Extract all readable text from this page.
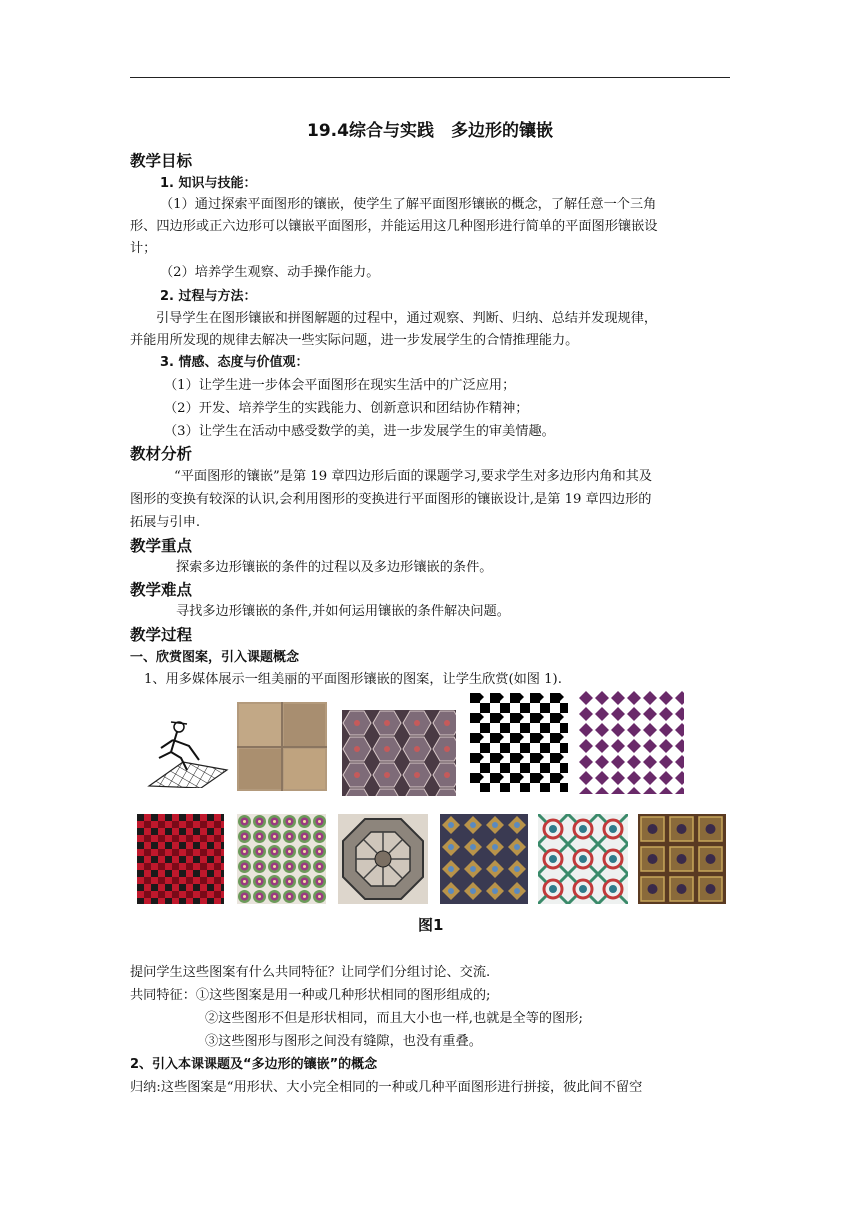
19.4综合与实践　多边形的镶嵌
教学目标
1. 知识与技能：
（1）通过探索平面图形的镶嵌，使学生了解平面图形镶嵌的概念，了解任意一个三角
形、四边形或正六边形可以镶嵌平面图形，并能运用这几种图形进行简单的平面图形镶嵌设
计；
（2）培养学生观察、动手操作能力。
2. 过程与方法：
引导学生在图形镶嵌和拼图解题的过程中，通过观察、判断、归纳、总结并发现规律，
并能用所发现的规律去解决一些实际问题，进一步发展学生的合情推理能力。
3. 情感、态度与价值观：
（1）让学生进一步体会平面图形在现实生活中的广泛应用；
（2）开发、培养学生的实践能力、创新意识和团结协作精神；
（3）让学生在活动中感受数学的美，进一步发展学生的审美情趣。
教材分析
“平面图形的镶嵌”是第 19 章四边形后面的课题学习,要求学生对多边形内角和其及
图形的变换有较深的认识,会利用图形的变换进行平面图形的镶嵌设计,是第 19 章四边形的
拓展与引申.
教学重点
探索多边形镶嵌的条件的过程以及多边形镶嵌的条件。
教学难点
寻找多边形镶嵌的条件,并如何运用镶嵌的条件解决问题。
教学过程
一、欣赏图案，引入课题概念
1、用多媒体展示一组美丽的平面图形镶嵌的图案，让学生欣赏(如图 1).
图1
提问学生这些图案有什么共同特征？让同学们分组讨论、交流.
共同特征：①这些图案是用一种或几种形状相同的图形组成的;
②这些图形不但是形状相同，而且大小也一样,也就是全等的图形;
③这些图形与图形之间没有缝隙，也没有重叠。
2、引入本课课题及“多边形的镶嵌”的概念
归纳:这些图案是“用形状、大小完全相同的一种或几种平面图形进行拼接，彼此间不留空
